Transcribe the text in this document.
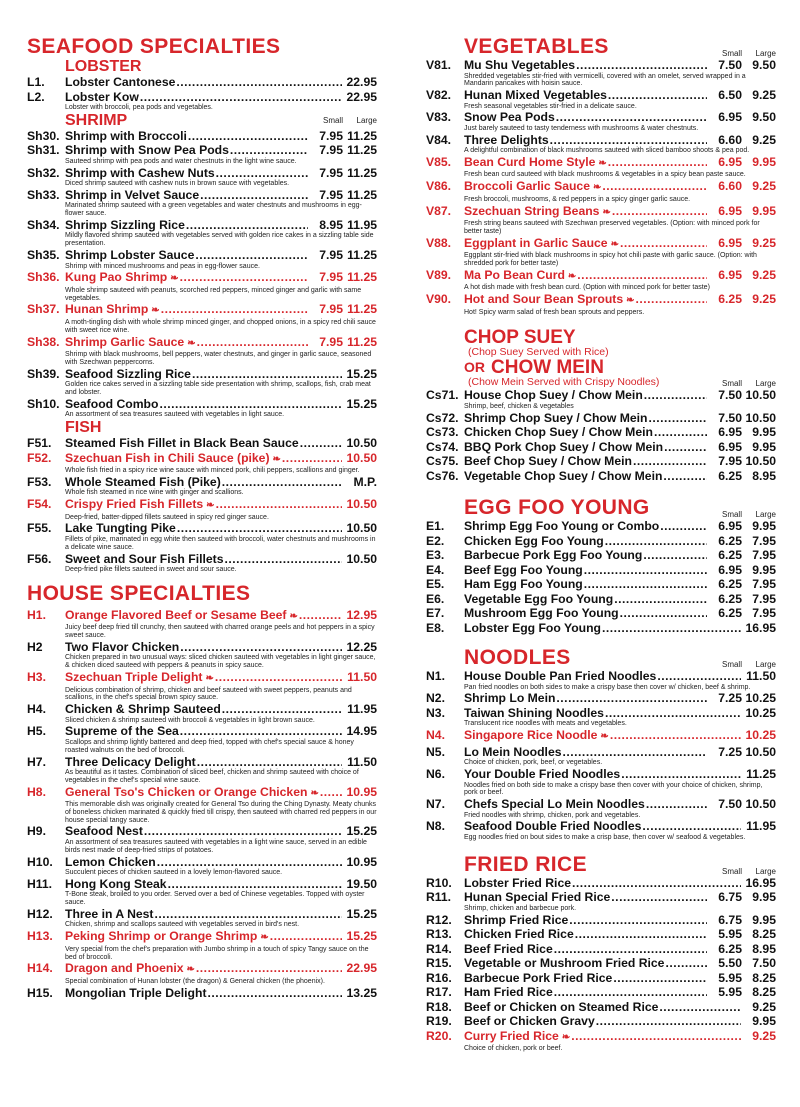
SEAFOOD SPECIALTIES
LOBSTER
L1.	Lobster Cantonese .....	22.95
L2.	Lobster Kow .....	22.95
Lobster with broccoli, pea pods and vegetables.
SHRIMP	Small	Large
Sh30. Shrimp with Broccoli .....	7.95 11.25
Sh31. Shrimp with Snow Pea Pods .....	7.95 11.25
Sauteed shrimp with pea pods and water chestnuts in the light wine sauce.
Sh32. Shrimp with Cashew Nuts .....	7.95 11.25
Diced shrimp sauteed with cashew nuts in brown sauce with vegetables.
Sh33. Shrimp in Velvet Sauce .....	7.95 11.25
Marinated shrimp sauteed with a green vegetables and water chestnuts and mushrooms in egg-flower sauce.
Sh34. Shrimp Sizzling Rice .....	8.95 11.95
Mildly flavored shrimp sauteed with vegetables served with golden rice cakes in a sizzling table side presentation.
Sh35. Shrimp Lobster Sauce .....	7.95 11.25
Shrimp with minced mushrooms and peas in egg-flower sauce.
Sh36. Kung Pao Shrimp ❧ .....	7.95 11.25
Whole shrimp sauteed with peanuts, scorched red peppers, minced ginger and garlic with same vegetables.
Sh37. Hunan Shrimp ❧ .....	7.95 11.25
A moth-tingling dish with whole shrimp minced ginger, and chopped onions, in a spicy red chili sauce with sweet rice wine.
Sh38. Shrimp Garlic Sauce ❧ .....	7.95 11.25
Shrimp with black mushrooms, bell peppers, water chestnuts, and ginger in garlic sauce, seasoned with Szechwan peppercorns.
Sh39. Seafood Sizzling Rice .....	15.25
Golden rice cakes served in a sizzling table side presentation with shrimp, scallops, fish, crab meat and lobster.
Sh10. Seafood Combo .....	15.25
An assortment of sea treasures sauteed with vegetables in light sauce.
FISH
F51.	Steamed Fish Fillet in Black Bean Sauce .....	10.50
F52.	Szechuan Fish in Chili Sauce (pike) ❧ .....	10.50
Whole fish fried in a spicy rice wine sauce with minced pork, chili peppers, scallions and ginger.
F53.	Whole Steamed Fish (Pike) .....	M.P.
Whole fish steamed in rice wine with ginger and scallions.
F54.	Crispy Fried Fish Fillets ❧ .....	10.50
Deep-fried, batter-dipped fillets sauteed in spicy red ginger sauce.
F55.	Lake Tungting Pike .....	10.50
Fillets of pike, marinated in egg white then sauteed with broccoli, water chestnuts and mushrooms in a delicate wine sauce.
F56.	Sweet and Sour Fish Fillets .....	10.50
Deep-fried pike fillets sauteed in sweet and sour sauce.
HOUSE SPECIALTIES
H1.	Orange Flavored Beef or Sesame Beef ❧ .....	12.95
Juicy beef deep fried till crunchy, then sauteed with charred orange peels and hot peppers in a spicy sweet sauce.
H2	Two Flavor Chicken .....	12.25
Chicken prepared in two unusual ways: sliced chicken sauteed with vegetables in light ginger sauce, & chicken diced sauteed with peppers & peanuts in spicy sauce.
H3.	Szechuan Triple Delight ❧ .....	11.50
Delicious combination of shrimp, chicken and beef sauteed with sweet peppers, peanuts and scallions, in the chef's special brown spicy sauce.
H4.	Chicken & Shrimp Sauteed .....	11.95
Sliced chicken & shrimp sauteed with broccoli & vegetables in light brown sauce.
H5.	Supreme of the Sea .....	14.95
Scallops and shrimp lightly battered and deep fried, topped with chef's special sauce & honey roasted walnuts on the bed of broccoli.
H7.	Three Delicacy Delight .....	11.50
As beautiful as it tastes. Combination of sliced beef, chicken and shrimp sauteed with choice of vegetables in the chef's special wine sauce.
H8.	General Tso's Chicken or Orange Chicken ❧ ..... 10.95
This memorable dish was originally created for General Tso during the Ching Dynasty. Meaty chunks of boneless chicken marinated & quickly fried till crispy, then sauteed with charred red peppers in our house special tangy sauce.
H9.	Seafood Nest .....	15.25
An assortment of sea treasures sauteed with vegetables in a light wine sauce, served in an edible birds nest made of deep-fried strips of potatoes.
H10.	Lemon Chicken .....	10.95
Succulent pieces of chicken sauteed in a lovely lemon-flavored sauce.
H11.	Hong Kong Steak .....	19.50
T-Bone steak, broiled to you order. Served over a bed of Chinese vegetables. Topped with oyster sauce.
H12.	Three in A Nest .....	15.25
Chicken, shrimp and scallops sauteed with vegetables served in bird's nest.
H13.	Peking Shrimp or Orange Shrimp ❧ .....	15.25
Very special from the chef's preparation with Jumbo shrimp in a touch of spicy Tangy sauce on the bed of broccoli.
H14.	Dragon and Phoenix ❧ .....	22.95
Special combination of Hunan lobster (the dragon) & General chicken (the phoenix).
H15.	Mongolian Triple Delight .....	13.25
VEGETABLES	Small	Large
V81.	Mu Shu Vegetables .....	7.50 9.50
Shredded vegetables stir-fried with vermicelli, covered with an omelet, served wrapped in a Mandarin pancakes with hoisin sauce.
V82.	Hunan Mixed Vegetables .....	6.50 9.25
Fresh seasonal vegetables stir-fried in a delicate sauce.
V83.	Snow Pea Pods .....	6.95 9.50
Just barely sauteed to tasty tenderness with mushrooms & water chestnuts.
V84.	Three Delights .....	6.60 9.25
A delightful combination of black mushrooms sauteed with sliced bamboo shoots & pea pod.
V85.	Bean Curd Home Style ❧ .....	6.95 9.95
Fresh bean curd sauteed with black mushrooms & vegetables in a spicy bean paste sauce.
V86.	Broccoli Garlic Sauce ❧ .....	6.60 9.25
Fresh broccoli, mushrooms, & red peppers in a spicy ginger garlic sauce.
V87.	Szechuan String Beans ❧ .....	6.95 9.95
Fresh string beans sauteed with Szechwan preserved vegetables. (Option: with minced pork for better taste)
V88.	Eggplant in Garlic Sauce ❧ .....	6.95 9.25
Eggplant stir-fried with black mushrooms in spicy hot chili paste with garlic sauce. (Option: with shredded pork for better taste)
V89.	Ma Po Bean Curd ❧ .....	6.95 9.25
A hot dish made with fresh bean curd. (Option with minced pork for better taste)
V90.	Hot and Sour Bean Sprouts ❧ .....	6.25 9.25
Hot! Spicy warm salad of fresh bean sprouts and peppers.
CHOP SUEY
(Chop Suey Served with Rice)
OR CHOW MEIN
(Chow Mein Served with Crispy Noodles)	Small	Large
Cs71. House Chop Suey / Chow Mein .....	7.50 10.50
Shrimp, beef, chicken & vegetables
Cs72. Shrimp Chop Suey / Chow Mein .....	7.50 10.50
Cs73. Chicken Chop Suey / Chow Mein .....	6.95 9.95
Cs74. BBQ Pork Chop Suey / Chow Mein .....	6.95 9.95
Cs75. Beef Chop Suey / Chow Mein .....	7.95 10.50
Cs76. Vegetable Chop Suey / Chow Mein .....	6.25 8.95
EGG FOO YOUNG	Small	Large
E1.	Shrimp Egg Foo Young or Combo .....	6.95 9.95
E2.	Chicken Egg Foo Young .....	6.25 7.95
E3.	Barbecue Pork Egg Foo Young .....	6.25 7.95
E4.	Beef Egg Foo Young .....	6.95 9.95
E5.	Ham Egg Foo Young .....	6.25 7.95
E6.	Vegetable Egg Foo Young .....	6.25 7.95
E7.	Mushroom Egg Foo Young .....	6.25 7.95
E8.	Lobster Egg Foo Young .....	16.95
NOODLES	Small	Large
N1.	House Double Pan Fried Noodles .....	11.50
Pan fried noodles on both sides to make a crispy base then cover w/ chicken, beef & shrimp.
N2.	Shrimp Lo Mein .....	7.25 10.25
N3.	Taiwan Shining Noodles .....	10.25
Translucent rice noodles with meats and vegetables.
N4.	Singapore Rice Noodle ❧ .....	10.25
N5.	Lo Mein Noodles .....	7.25 10.50
Choice of chicken, pork, beef, or vegetables.
N6.	Your Double Fried Noodles .....	11.25
Noodles fried on both side to make a crispy base then cover with your choice of chicken, shrimp, pork or beef.
N7.	Chefs Special Lo Mein Noodles .....	7.50 10.50
Fried noodles with shrimp, chicken, pork and vegetables.
N8.	Seafood Double Fried Noodles .....	11.95
Egg noodles fried on bout sides to make a crisp base, then cover w/ seafood & vegetables.
FRIED RICE	Small	Large
R10.	Lobster Fried Rice .....	16.95
R11.	Hunan Special Fried Rice .....	6.75 9.95
Shrimp, chicken and barbecue pork.
R12.	Shrimp Fried Rice .....	6.75 9.95
R13.	Chicken Fried Rice .....	5.95 8.25
R14.	Beef Fried Rice .....	6.25 8.95
R15.	Vegetable or Mushroom Fried Rice .....	5.50 7.50
R16.	Barbecue Pork Fried Rice .....	5.95 8.25
R17.	Ham Fried Rice .....	5.95 8.25
R18.	Beef or Chicken on Steamed Rice .....	9.25
R19.	Beef or Chicken Gravy .....	9.95
R20.	Curry Fried Rice ❧ .....	9.25
Choice of chicken, pork or beef.
